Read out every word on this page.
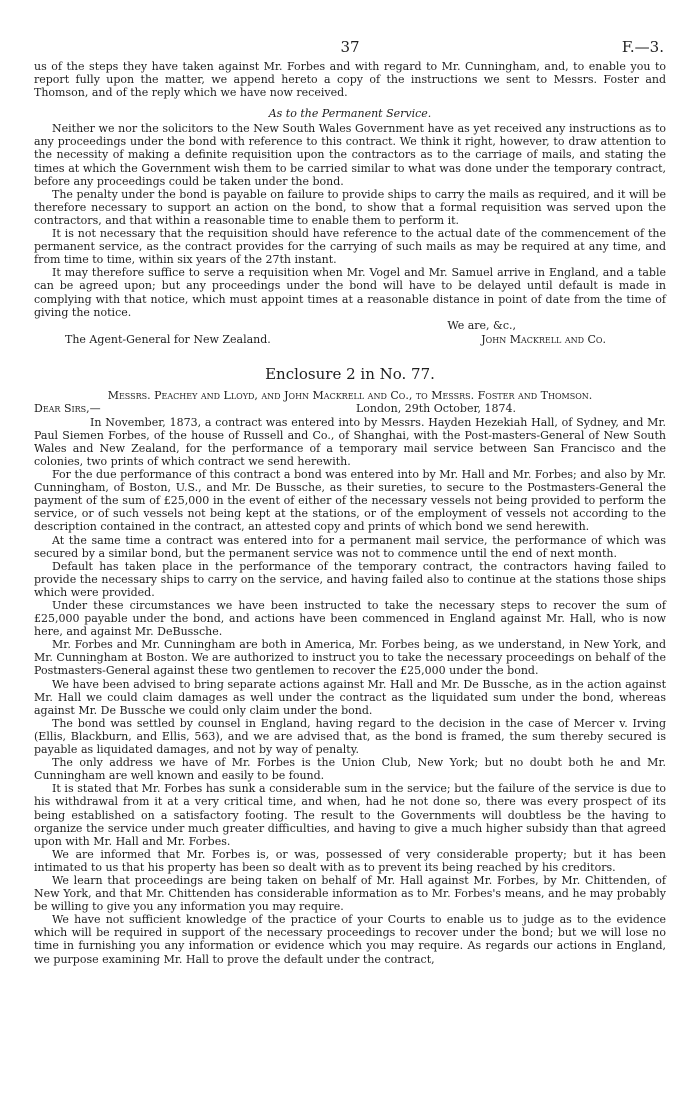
37	F.—3.

us of the steps they have taken against Mr. Forbes and with regard to Mr. Cunningham, and, to enable you to report fully upon the matter, we append hereto a copy of the instructions we sent to Messrs. Foster and Thomson, and of the reply which we have now received.

As to the Permanent Service.

Neither we nor the solicitors to the New South Wales Government have as yet received any instructions as to any proceedings under the bond with reference to this contract. We think it right, however, to draw attention to the necessity of making a definite requisition upon the contractors as to the carriage of mails, and stating the times at which the Government wish them to be carried similar to what was done under the temporary contract, before any proceedings could be taken under the bond.

The penalty under the bond is payable on failure to provide ships to carry the mails as required, and it will be therefore necessary to support an action on the bond, to show that a formal requisition was served upon the contractors, and that within a reasonable time to enable them to perform it.

It is not necessary that the requisition should have reference to the actual date of the commencement of the permanent service, as the contract provides for the carrying of such mails as may be required at any time, and from time to time, within six years of the 27th instant.

It may therefore suffice to serve a requisition when Mr. Vogel and Mr. Samuel arrive in England, and a table can be agreed upon; but any proceedings under the bond will have to be delayed until default is made in complying with that notice, which must appoint times at a reasonable distance in point of date from the time of giving the notice.

We are, &c.,
The Agent-General for New Zealand.	John Mackrell and Co.
Enclosure 2 in No. 77.
Messrs. Peachey and Lloyd, and John Mackrell and Co., to Messrs. Foster and Thomson.
Dear Sirs,—	London, 29th October, 1874.

In November, 1873, a contract was entered into by Messrs. Hayden Hezekiah Hall, of Sydney, and Mr. Paul Siemen Forbes, of the house of Russell and Co., of Shanghai, with the Post-masters-General of New South Wales and New Zealand, for the performance of a temporary mail service between San Francisco and the colonies, two prints of which contract we send herewith.

For the due performance of this contract a bond was entered into by Mr. Hall and Mr. Forbes; and also by Mr. Cunningham, of Boston, U.S., and Mr. De Bussche, as their sureties, to secure to the Postmasters-General the payment of the sum of £25,000 in the event of either of the necessary vessels not being provided to perform the service, or of such vessels not being kept at the stations, or of the employment of vessels not according to the description contained in the contract, an attested copy and prints of which bond we send herewith.

At the same time a contract was entered into for a permanent mail service, the performance of which was secured by a similar bond, but the permanent service was not to commence until the end of next month.

Default has taken place in the performance of the temporary contract, the contractors having failed to provide the necessary ships to carry on the service, and having failed also to continue at the stations those ships which were provided.

Under these circumstances we have been instructed to take the necessary steps to recover the sum of £25,000 payable under the bond, and actions have been commenced in England against Mr. Hall, who is now here, and against Mr. DeBussche.

Mr. Forbes and Mr. Cunningham are both in America, Mr. Forbes being, as we understand, in New York, and Mr. Cunningham at Boston. We are authorized to instruct you to take the necessary proceedings on behalf of the Postmasters-General against these two gentlemen to recover the £25,000 under the bond.

We have been advised to bring separate actions against Mr. Hall and Mr. De Bussche, as in the action against Mr. Hall we could claim damages as well under the contract as the liquidated sum under the bond, whereas against Mr. De Bussche we could only claim under the bond.

The bond was settled by counsel in England, having regard to the decision in the case of Mercer v. Irving (Ellis, Blackburn, and Ellis, 563), and we are advised that, as the bond is framed, the sum thereby secured is payable as liquidated damages, and not by way of penalty.

The only address we have of Mr. Forbes is the Union Club, New York; but no doubt both he and Mr. Cunningham are well known and easily to be found.

It is stated that Mr. Forbes has sunk a considerable sum in the service; but the failure of the service is due to his withdrawal from it at a very critical time, and when, had he not done so, there was every prospect of its being established on a satisfactory footing. The result to the Governments will doubtless be the having to organize the service under much greater difficulties, and having to give a much higher subsidy than that agreed upon with Mr. Hall and Mr. Forbes.

We are informed that Mr. Forbes is, or was, possessed of very considerable property; but it has been intimated to us that his property has been so dealt with as to prevent its being reached by his creditors.

We learn that proceedings are being taken on behalf of Mr. Hall against Mr. Forbes, by Mr. Chittenden, of New York, and that Mr. Chittenden has considerable information as to Mr. Forbes's means, and he may probably be willing to give you any information you may require.

We have not sufficient knowledge of the practice of your Courts to enable us to judge as to the evidence which will be required in support of the necessary proceedings to recover under the bond; but we will lose no time in furnishing you any information or evidence which you may require. As regards our actions in England, we purpose examining Mr. Hall to prove the default under the contract,
